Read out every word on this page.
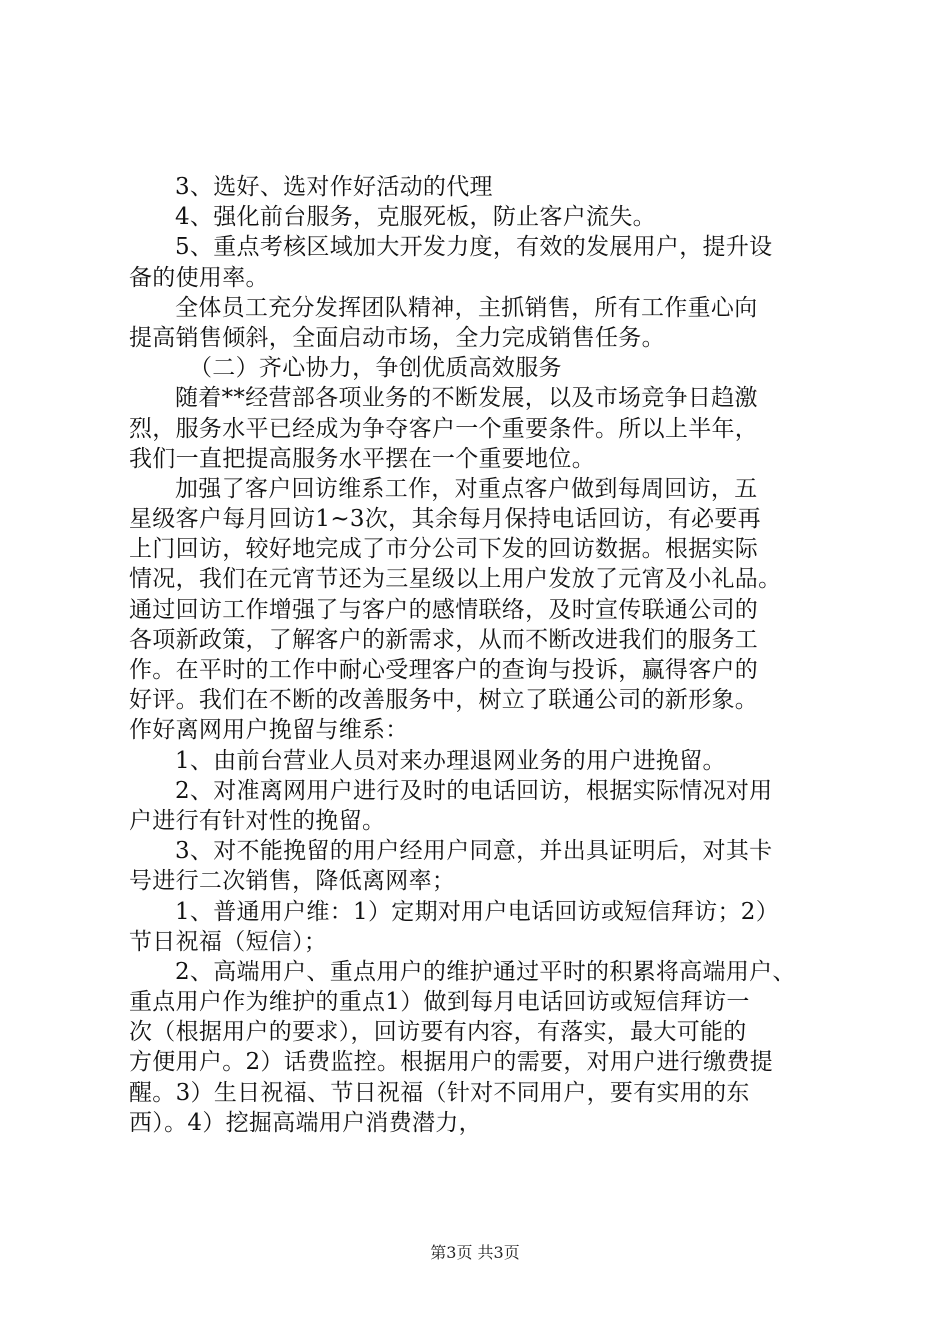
3、选好、选对作好活动的代理
4、强化前台服务，克服死板，防止客户流失。
5、重点考核区域加大开发力度，有效的发展用户，提升设
备的使用率。
全体员工充分发挥团队精神，主抓销售，所有工作重心向
提高销售倾斜，全面启动市场，全力完成销售任务。
（二）齐心协力，争创优质高效服务
随着**经营部各项业务的不断发展，以及市场竞争日趋激
烈，服务水平已经成为争夺客户一个重要条件。所以上半年，
我们一直把提高服务水平摆在一个重要地位。
加强了客户回访维系工作，对重点客户做到每周回访，五
星级客户每月回访1~3次，其余每月保持电话回访，有必要再
上门回访，较好地完成了市分公司下发的回访数据。根据实际
情况，我们在元宵节还为三星级以上用户发放了元宵及小礼品。
通过回访工作增强了与客户的感情联络，及时宣传联通公司的
各项新政策，了解客户的新需求，从而不断改进我们的服务工
作。在平时的工作中耐心受理客户的查询与投诉，赢得客户的
好评。我们在不断的改善服务中，树立了联通公司的新形象。
作好离网用户挽留与维系：
1、由前台营业人员对来办理退网业务的用户进挽留。
2、对准离网用户进行及时的电话回访，根据实际情况对用
户进行有针对性的挽留。
3、对不能挽留的用户经用户同意，并出具证明后，对其卡
号进行二次销售，降低离网率；
1、普通用户维：1）定期对用户电话回访或短信拜访；2）
节日祝福（短信）；
2、高端用户、重点用户的维护通过平时的积累将高端用户、
重点用户作为维护的重点1）做到每月电话回访或短信拜访一
次（根据用户的要求），回访要有内容，有落实，最大可能的
方便用户。2）话费监控。根据用户的需要，对用户进行缴费提
醒。3）生日祝福、节日祝福（针对不同用户，要有实用的东
西）。4）挖掘高端用户消费潜力，
第3页 共3页
